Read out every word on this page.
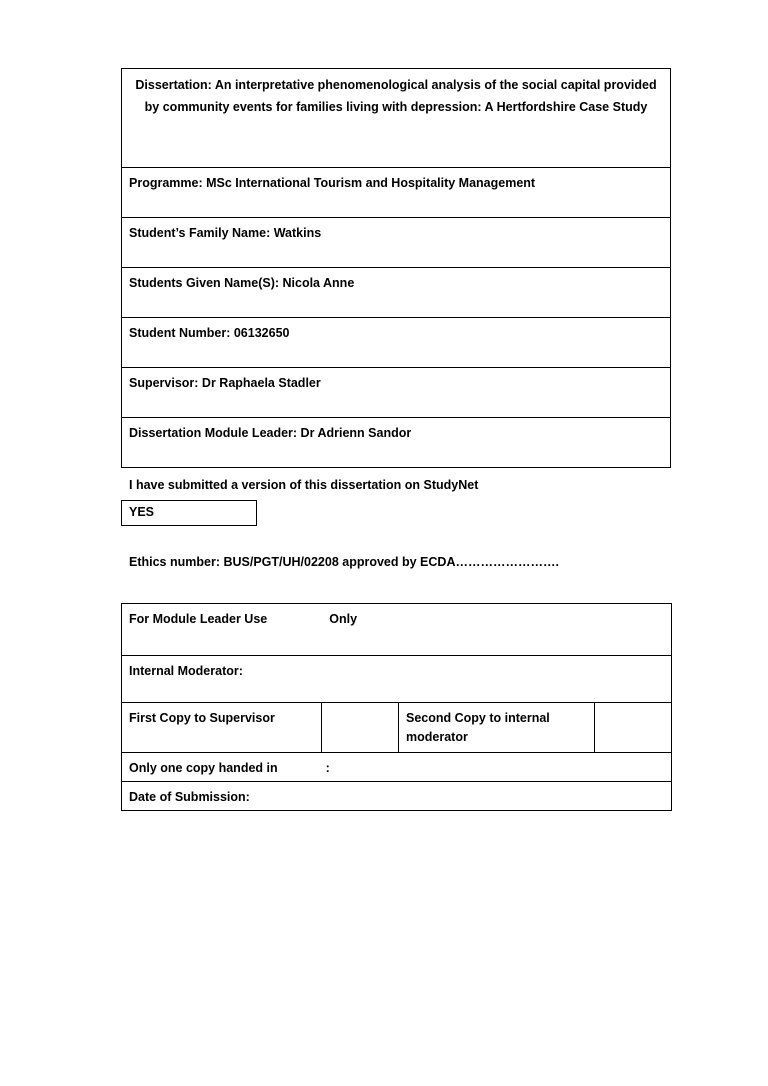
Dissertation: An interpretative phenomenological analysis of the social capital provided by community events for families living with depression: A Hertfordshire Case Study

Programme: MSc International Tourism and Hospitality Management
Student’s Family Name: Watkins
Students Given Name(S): Nicola Anne
Student Number: 06132650
Supervisor: Dr Raphaela Stadler
Dissertation Module Leader: Dr Adrienn Sandor
I have submitted a version of this dissertation on StudyNet
YES
Ethics number: BUS/PGT/UH/02208 approved by ECDA…………………….
For Module Leader Use	Only
Internal Moderator:
First Copy to Supervisor		Second Copy to internal moderator	
Only one copy handed in	:
Date of Submission:
